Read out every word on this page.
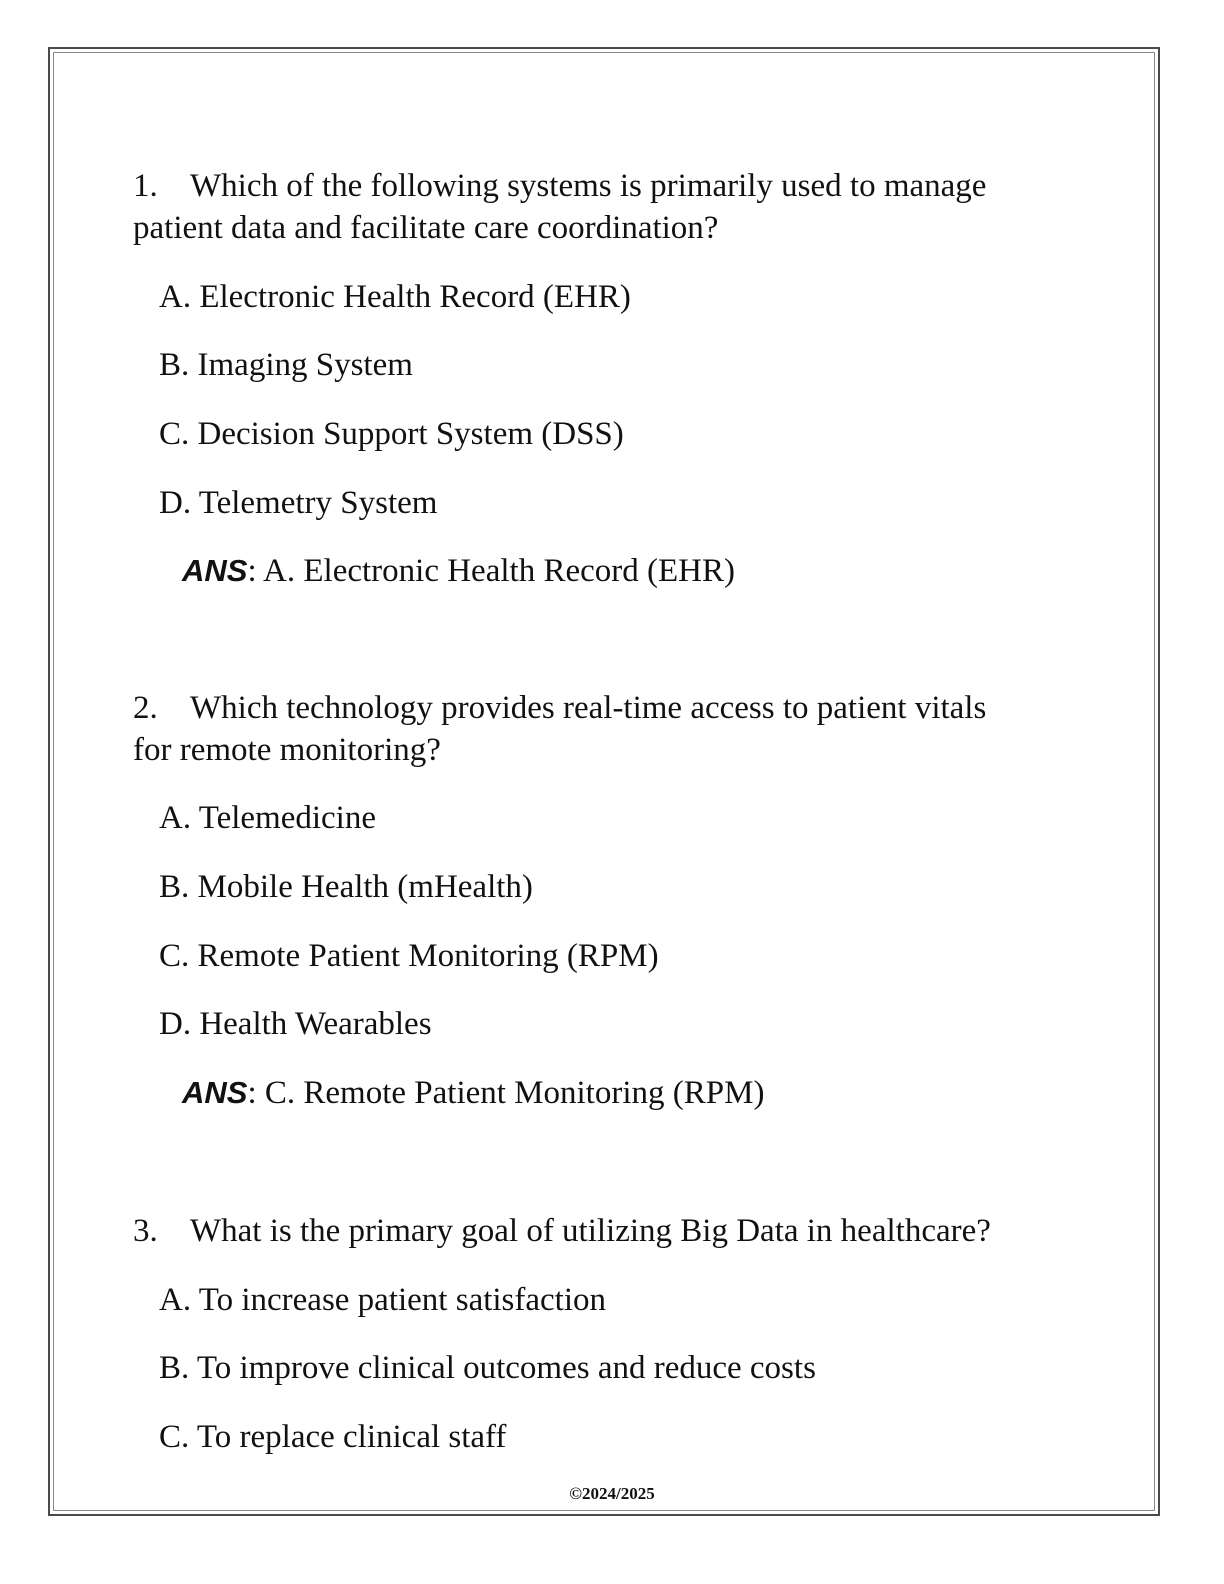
1. Which of the following systems is primarily used to manage
patient data and facilitate care coordination?
A. Electronic Health Record (EHR)
B. Imaging System
C. Decision Support System (DSS)
D. Telemetry System
ANS: A. Electronic Health Record (EHR)
2. Which technology provides real-time access to patient vitals
for remote monitoring?
A. Telemedicine
B. Mobile Health (mHealth)
C. Remote Patient Monitoring (RPM)
D. Health Wearables
ANS: C. Remote Patient Monitoring (RPM)
3. What is the primary goal of utilizing Big Data in healthcare?
A. To increase patient satisfaction
B. To improve clinical outcomes and reduce costs
C. To replace clinical staff
©2024/2025
